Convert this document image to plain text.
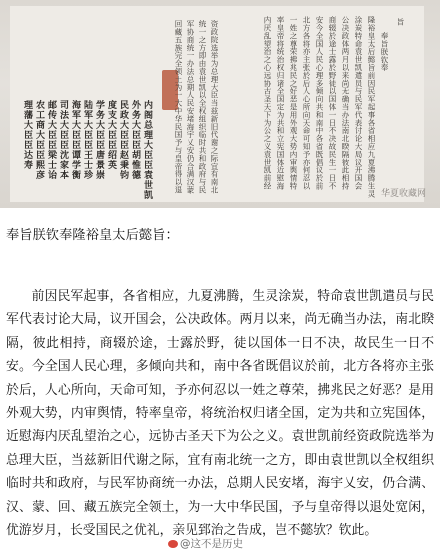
旨
奉旨朕钦奉
隆裕皇太后懿旨前因民军起事各省相应九夏沸腾生灵
涂炭特命袁世凯遣员与民军代表讨论大局议开国会
公决政体两月以来尚无确当办法南北睽隔彼此相持
商辍於途士露於野徒以国体一日不决故民生一日不
安今全国人民心理多倾向共和南中各省既倡议於前
北方各将亦主张於后人心所向天命可知予亦何忍以
一姓之尊荣拂兆民之好恶是用外观大势内审舆情特
率皇帝将统治权归诸全国定为共和立宪国体近慰海
内厌乱望治之心远协古圣天下为公之义袁世凯前经
资政院选举为总理大臣当兹新旧代谢之际宜有南北
统一之方即由袁世凯以全权组织临时共和政府与民
军协商统一办法总期人民安堵海宇乂安仍合满汉蒙
回藏五族完全领土为一大中华民国予与皇帝得以退
内阁总理大臣臣袁世凯
外务大臣臣胡惟德
民政大臣臣赵秉钧
度支大臣臣绍英
学务大臣臣唐景崇
陆军大臣臣王士珍
海军大臣臣谭学衡
司法大臣臣沈家本
邮传大臣臣梁士诒
农工商大臣臣熙彦
理藩大臣臣达寿
华夏收藏网

奉旨朕钦奉隆裕皇太后懿旨：

前因民军起事，各省相应，九夏沸腾，生灵涂炭，特命袁世凯遣员与民军代表讨论大局，议开国会，公决政体。两月以来，尚无确当办法，南北睽隔，彼此相持，商辍於途，士露於野，徒以国体一日不决，故民生一日不安。今全国人民心理，多倾向共和，南中各省既倡议於前，北方各将亦主张於后，人心所向，天命可知，予亦何忍以一姓之尊荣，拂兆民之好恶？是用外观大势，内审舆情，特率皇帝，将统治权归诸全国，定为共和立宪国体，近慰海内厌乱望治之心，远协古圣天下为公之义。袁世凯前经资政院选举为总理大臣，当兹新旧代谢之际，宜有南北统一之方，即由袁世凯以全权组织临时共和政府，与民军协商统一办法，总期人民安堵，海宇乂安，仍合满、汉、蒙、回、藏五族完全领土，为一大中华民国，予与皇帝得以退处宽闲，优游岁月，长受国民之优礼，亲见郅治之告成，岂不懿欤？钦此。

@这不是历史
